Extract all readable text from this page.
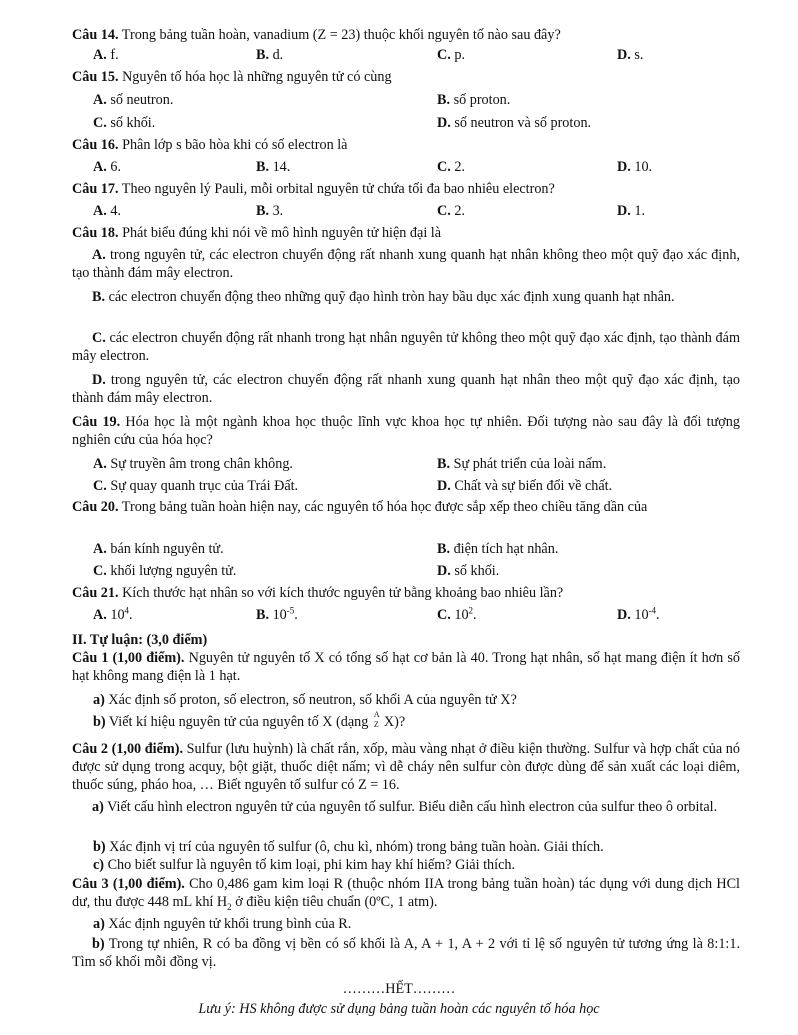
Câu 14. Trong bảng tuần hoàn, vanadium (Z = 23) thuộc khối nguyên tố nào sau đây?
A. f.	B. d.	C. p.	D. s.
Câu 15. Nguyên tố hóa học là những nguyên tử có cùng
A. số neutron.	B. số proton.
C. số khối.	D. số neutron và số proton.
Câu 16. Phân lớp s bão hòa khi có số electron là
A. 6.	B. 14.	C. 2.	D. 10.
Câu 17. Theo nguyên lý Pauli, mỗi orbital nguyên tử chứa tối đa bao nhiêu electron?
A. 4.	B. 3.	C. 2.	D. 1.
Câu 18. Phát biểu đúng khi nói về mô hình nguyên tử hiện đại là
A. trong nguyên tử, các electron chuyển động rất nhanh xung quanh hạt nhân không theo một quỹ đạo xác định, tạo thành đám mây electron.
B. các electron chuyển động theo những quỹ đạo hình tròn hay bầu dục xác định xung quanh hạt nhân.
C. các electron chuyển động rất nhanh trong hạt nhân nguyên tử không theo một quỹ đạo xác định, tạo thành đám mây electron.
D. trong nguyên tử, các electron chuyển động rất nhanh xung quanh hạt nhân theo một quỹ đạo xác định, tạo thành đám mây electron.
Câu 19. Hóa học là một ngành khoa học thuộc lĩnh vực khoa học tự nhiên. Đối tượng nào sau đây là đối tượng nghiên cứu của hóa học?
A. Sự truyền âm trong chân không.	B. Sự phát triển của loài nấm.
C. Sự quay quanh trục của Trái Đất.	D. Chất và sự biến đổi về chất.
Câu 20. Trong bảng tuần hoàn hiện nay, các nguyên tố hóa học được sắp xếp theo chiều tăng dần của
A. bán kính nguyên tử.	B. điện tích hạt nhân.
C. khối lượng nguyên tử.	D. số khối.
Câu 21. Kích thước hạt nhân so với kích thước nguyên tử bằng khoảng bao nhiêu lần?
A. $10^4$.	B. $10^{-5}$.	C. $10^2$.	D. $10^{-4}$.
II. Tự luận: (3,0 điểm)
Câu 1 (1,00 điểm). Nguyên tử nguyên tố X có tổng số hạt cơ bản là 40. Trong hạt nhân, số hạt mang điện ít hơn số hạt không mang điện là 1 hạt.
a) Xác định số proton, số electron, số neutron, số khối A của nguyên tử X?
b) Viết kí hiệu nguyên tử của nguyên tố X (dạng A
Z X)?
Câu 2 (1,00 điểm). Sulfur (lưu huỳnh) là chất rắn, xốp, màu vàng nhạt ở điều kiện thường. Sulfur và hợp chất của nó được sử dụng trong acquy, bột giặt, thuốc diệt nấm; vì dễ cháy nên sulfur còn được dùng để sản xuất các loại diêm, thuốc súng, pháo hoa, … Biết nguyên tố sulfur có Z = 16.
a) Viết cấu hình electron nguyên tử của nguyên tố sulfur. Biểu diễn cấu hình electron của sulfur theo ô orbital.
b) Xác định vị trí của nguyên tố sulfur (ô, chu kì, nhóm) trong bảng tuần hoàn. Giải thích.
c) Cho biết sulfur là nguyên tố kim loại, phi kim hay khí hiếm? Giải thích.
Câu 3 (1,00 điểm). Cho 0,486 gam kim loại R (thuộc nhóm IIA trong bảng tuần hoàn) tác dụng với dung dịch HCl dư, thu được 448 mL khí $H_2$ ở điều kiện tiêu chuẩn (0ºC, 1 atm).
a) Xác định nguyên tử khối trung bình của R.
b) Trong tự nhiên, R có ba đồng vị bền có số khối là A, A + 1, A + 2 với tỉ lệ số nguyên tử tương ứng là 8:1:1. Tìm số khối mỗi đồng vị.
………HẾT………
Lưu ý: HS không được sử dụng bảng tuần hoàn các nguyên tố hóa học
